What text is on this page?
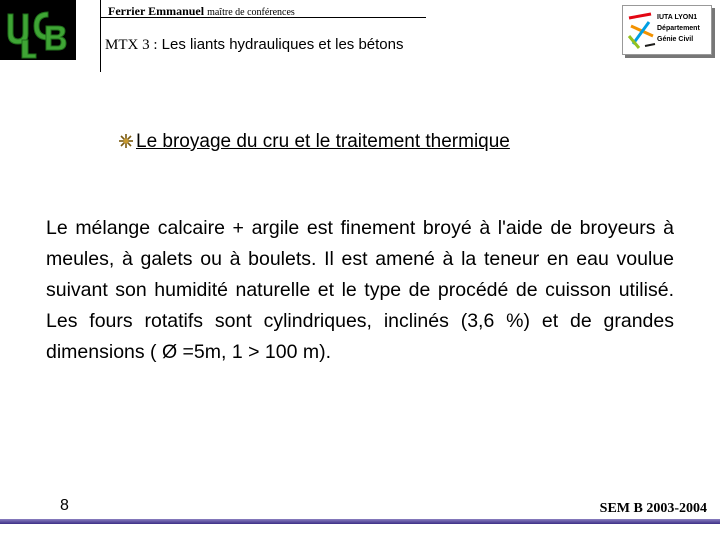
Ferrier Emmanuel maître de conférences
MTX 3 : Les liants hydrauliques et les bétons
IUTA LYON1
Département
Génie Civil
Le broyage du cru et le traitement thermique
Le mélange calcaire + argile est finement broyé à l'aide de broyeurs à meules, à galets ou à boulets. Il est amené à la teneur en eau voulue suivant son humidité naturelle et le type de procédé de cuisson utilisé. Les fours rotatifs sont cylindriques, inclinés (3,6 %) et de grandes dimensions ( Ø =5m, 1 > 100 m).
8	SEM B 2003-2004
